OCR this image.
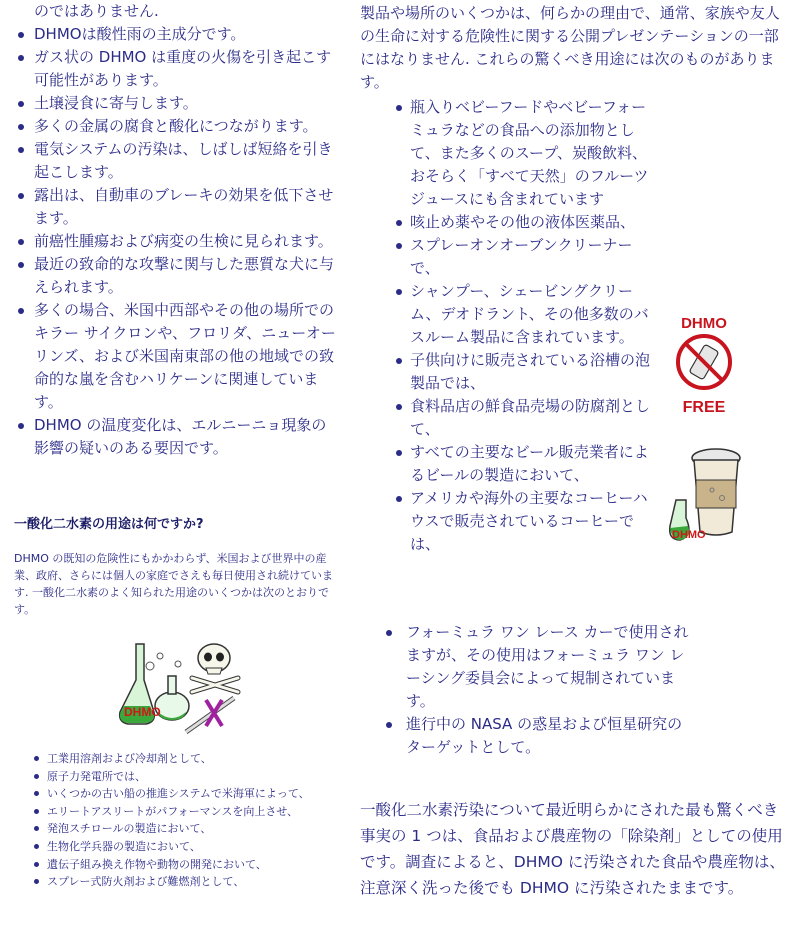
のではありません.
DHMOは酸性雨の主成分です。
ガス状の DHMO は重度の火傷を引き起こす可能性があります。
土壌浸食に寄与します。
多くの金属の腐食と酸化につながります。
電気システムの汚染は、しばしば短絡を引き起こします。
露出は、自動車のブレーキの効果を低下させます。
前癌性腫瘍および病変の生検に見られます。
最近の致命的な攻撃に関与した悪質な犬に与えられます。
多くの場合、米国中西部やその他の場所でのキラー サイクロンや、フロリダ、ニューオーリンズ、および米国南東部の他の地域での致命的な嵐を含むハリケーンに関連しています。
DHMO の温度変化は、エルニーニョ現象の影響の疑いのある要因です。
一酸化二水素の用途は何ですか?
DHMO の既知の危険性にもかかわらず、米国および世界中の産業、政府、さらには個人の家庭でさえも毎日使用され続けています. 一酸化二水素のよく知られた用途のいくつかは次のとおりです。
DHMO
工業用溶剤および冷却剤として、
原子力発電所では、
いくつかの古い船の推進システムで米海軍によって、
エリートアスリートがパフォーマンスを向上させ、
発泡スチロールの製造において、
生物化学兵器の製造において、
遺伝子組み換え作物や動物の開発において、
スプレー式防火剤および難燃剤として、
製品や場所のいくつかは、何らかの理由で、通常、家族や友人の生命に対する危険性に関する公開プレゼンテーションの一部にはなりません. これらの驚くべき用途には次のものがあります。
瓶入りベビーフードやベビーフォーミュラなどの食品への添加物として、また多くのスープ、炭酸飲料、おそらく「すべて天然」のフルーツジュースにも含まれています
咳止め薬やその他の液体医薬品、
スプレーオンオーブンクリーナーで、
シャンプー、シェービングクリーム、デオドラント、その他多数のバスルーム製品に含まれています。
子供向けに販売されている浴槽の泡製品では、
食料品店の鮮食品売場の防腐剤として、
すべての主要なビール販売業者によるビールの製造において、
アメリカや海外の主要なコーヒーハウスで販売されているコーヒーでは、
フォーミュラ ワン レース カーで使用されますが、その使用はフォーミュラ ワン レーシング委員会によって規制されています。
進行中の NASA の惑星および恒星研究のターゲットとして。
一酸化二水素汚染について最近明らかにされた最も驚くべき事実の 1 つは、食品および農産物の「除染剤」としての使用です。調査によると、DHMO に汚染された食品や農産物は、注意深く洗った後でも DHMO に汚染されたままです。
DHMO
FREE
DHMO
